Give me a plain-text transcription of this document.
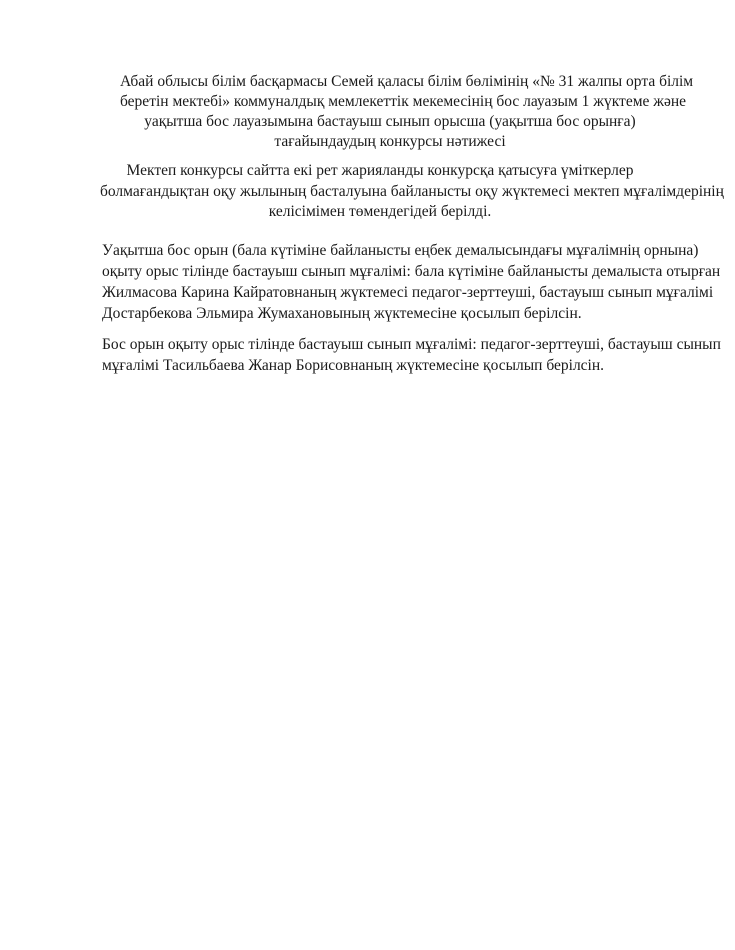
Абай облысы білім басқармасы Семей қаласы білім бөлімінің «№ 31 жалпы орта білім
беретін мектебі» коммуналдық мемлекеттік мекемесінің бос лауазым 1 жүктеме және
уақытша бос лауазымына бастауыш сынып орысша (уақытша бос орынға)
тағайындаудың конкурсы нәтижесі
Мектеп конкурсы сайтта екі рет жарияланды конкурсқа қатысуға үміткерлер
болмағандықтан оқу жылының басталуына байланысты оқу жүктемесі мектеп мұғалімдерінің
келісімімен төмендегідей берілді.
Уақытша бос орын (бала күтіміне байланысты еңбек демалысындағы мұғалімнің орнына)
оқыту орыс тілінде бастауыш сынып мұғалімі: бала күтіміне байланысты демалыста отырған
Жилмасова Карина Кайратовнаның жүктемесі педагог-зерттеуші, бастауыш сынып мұғалімі
Достарбекова Эльмира Жумахановының жүктемесіне қосылып берілсін.
Бос орын оқыту орыс тілінде бастауыш сынып мұғалімі: педагог-зерттеуші, бастауыш сынып
мұғалімі Тасильбаева Жанар Борисовнаның жүктемесіне қосылып берілсін.
